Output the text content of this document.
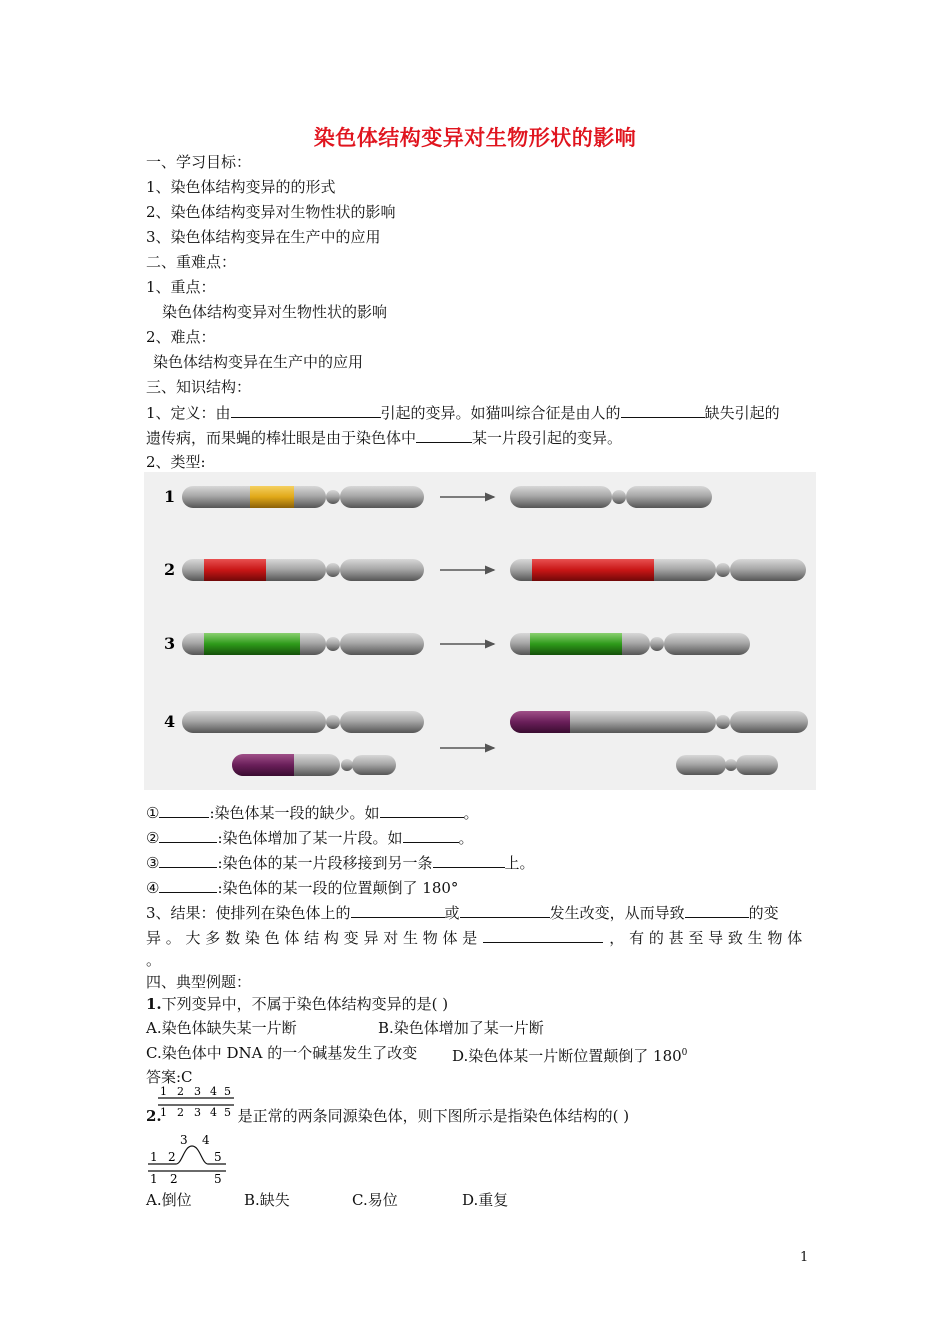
染色体结构变异对生物形状的影响
一、学习目标：
1、染色体结构变异的的形式
2、染色体结构变异对生物性状的影响
3、染色体结构变异在生产中的应用
二、重难点：
1、重点：
染色体结构变异对生物性状的影响
2、难点：
染色体结构变异在生产中的应用
三、知识结构：
1、定义：由	引起的变异。如猫叫综合征是由人的	缺失引起的
遗传病，而果蝇的棒壮眼是由于染色体中	某一片段引起的变异。
2、类型:
1
2
3
4
①	:染色体某一段的缺少。如	。
②	:染色体增加了某一片段。如	。
③	:染色体的某一片段移接到另一条	上。
④	:染色体的某一段的位置颠倒了 180°
3、结果：使排列在染色体上的	或	发生改变，从而导致	的变
异 。 大 多 数 染 色 体 结 构 变 异 对 生 物 体 是	， 有 的 甚 至 导 致 生 物 体
。
四、典型例题：
1.下列变异中，不属于染色体结构变异的是( )
A.染色体缺失某一片断	B.染色体增加了某一片断
C.染色体中 DNA 的一个碱基发生了改变 D.染色体某一片断位置颠倒了 $180^0$
答案:C
2.	是正常的两条同源染色体，则下图所示是指染色体结构的( )
1 2 3 4 5
1 2 3 4 5
1 2
3 4
5
1 2	5
A.倒位	B.缺失	C.易位	D.重复
1
